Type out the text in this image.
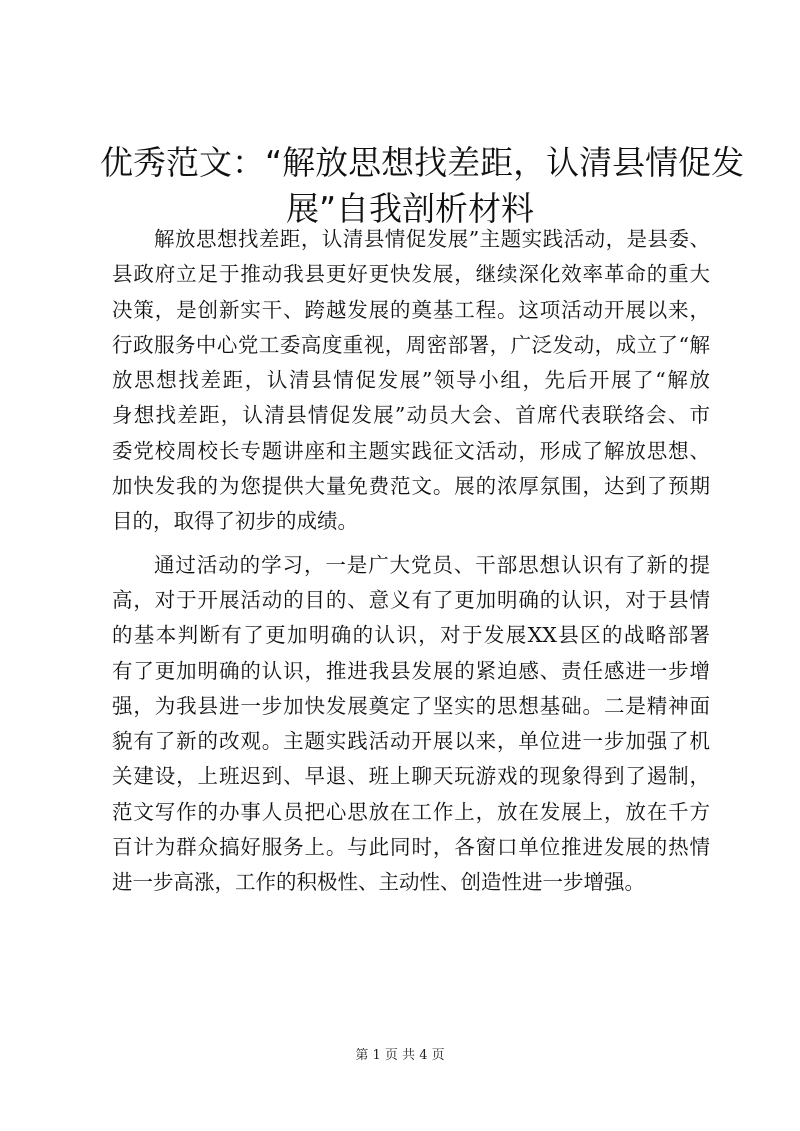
优秀范文：“解放思想找差距，认清县情促发
展”自我剖析材料
解放思想找差距，认清县情促发展”主题实践活动，是县委、
县政府立足于推动我县更好更快发展，继续深化效率革命的重大
决策，是创新实干、跨越发展的奠基工程。这项活动开展以来，
行政服务中心党工委高度重视，周密部署，广泛发动，成立了“解
放思想找差距，认清县情促发展”领导小组，先后开展了“解放
身想找差距，认清县情促发展”动员大会、首席代表联络会、市
委党校周校长专题讲座和主题实践征文活动，形成了解放思想、
加快发我的为您提供大量免费范文。展的浓厚氛围，达到了预期
目的，取得了初步的成绩。
通过活动的学习，一是广大党员、干部思想认识有了新的提
高，对于开展活动的目的、意义有了更加明确的认识，对于县情
的基本判断有了更加明确的认识，对于发展XX县区的战略部署
有了更加明确的认识，推进我县发展的紧迫感、责任感进一步增
强，为我县进一步加快发展奠定了坚实的思想基础。二是精神面
貌有了新的改观。主题实践活动开展以来，单位进一步加强了机
关建设，上班迟到、早退、班上聊天玩游戏的现象得到了遏制，
范文写作的办事人员把心思放在工作上，放在发展上，放在千方
百计为群众搞好服务上。与此同时，各窗口单位推进发展的热情
进一步高涨，工作的积极性、主动性、创造性进一步增强。
第 1 页 共 4 页
